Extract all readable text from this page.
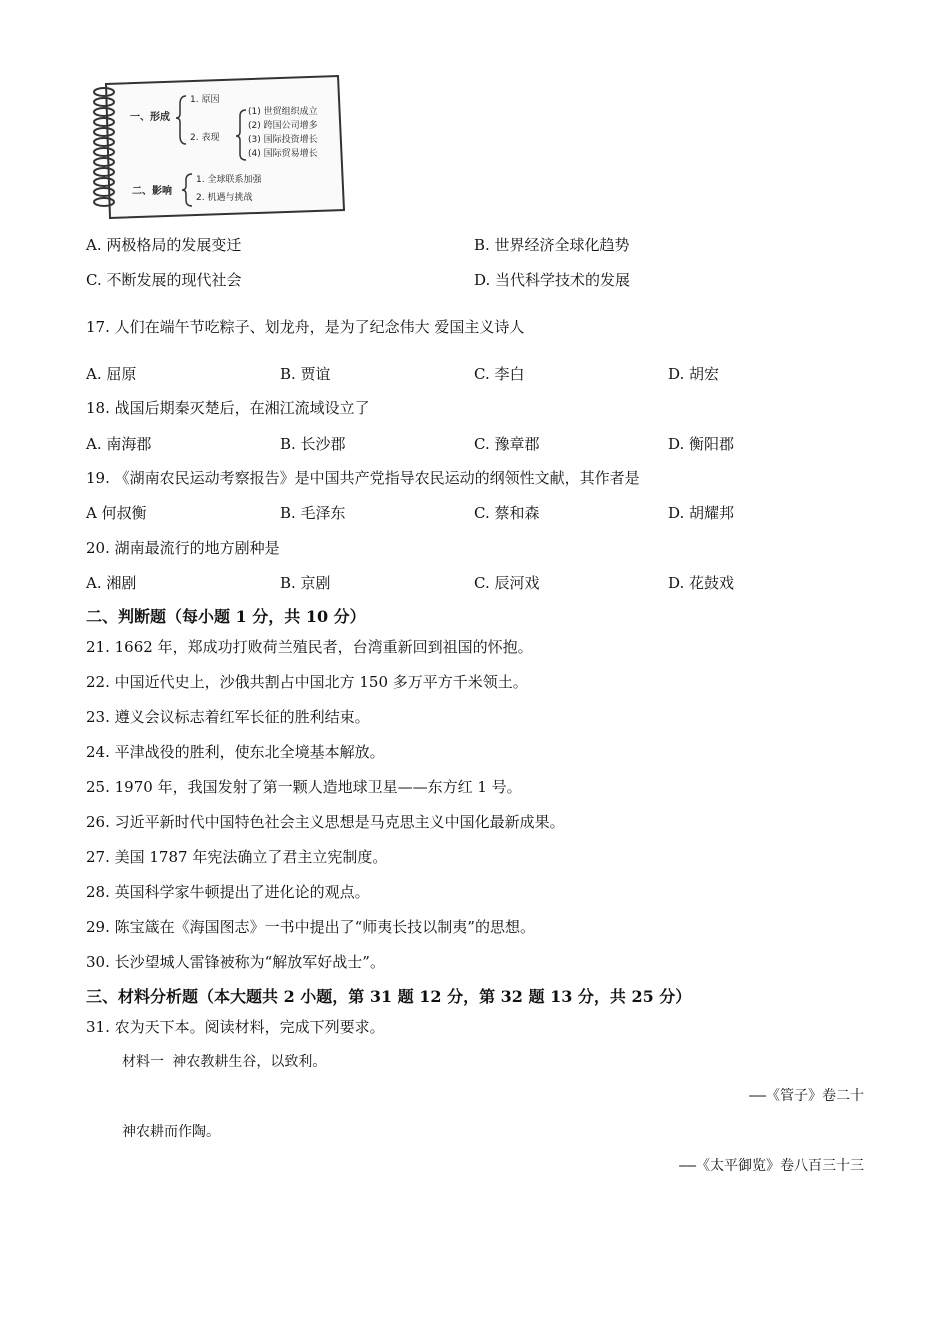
一、形成
1. 原因
2. 表现
(1) 世贸组织成立
(2) 跨国公司增多
(3) 国际投资增长
(4) 国际贸易增长
二、影响
1. 全球联系加强
2. 机遇与挑战
A. 两极格局的发展变迁	B. 世界经济全球化趋势
C. 不断发展的现代社会	D. 当代科学技术的发展
17. 人们在端午节吃粽子、划龙舟，是为了纪念伟大 爱国主义诗人
A. 屈原	B. 贾谊	C. 李白	D. 胡宏
18. 战国后期秦灭楚后，在湘江流域设立了
A. 南海郡	B. 长沙郡	C. 豫章郡	D. 衡阳郡
19. 《湖南农民运动考察报告》是中国共产党指导农民运动的纲领性文献，其作者是
A 何叔衡	B. 毛泽东	C. 蔡和森	D. 胡耀邦
20. 湖南最流行的地方剧种是
A. 湘剧	B. 京剧	C. 辰河戏	D. 花鼓戏
二、判断题（每小题 1 分，共 10 分）
21. 1662 年，郑成功打败荷兰殖民者，台湾重新回到祖国的怀抱。
22. 中国近代史上，沙俄共割占中国北方 150 多万平方千米领土。
23. 遵义会议标志着红军长征的胜利结束。
24. 平津战役的胜利，使东北全境基本解放。
25. 1970 年，我国发射了第一颗人造地球卫星——东方红 1 号。
26. 习近平新时代中国特色社会主义思想是马克思主义中国化最新成果。
27. 美国 1787 年宪法确立了君主立宪制度。
28. 英国科学家牛顿提出了进化论的观点。
29. 陈宝箴在《海国图志》一书中提出了“师夷长技以制夷”的思想。
30. 长沙望城人雷锋被称为“解放军好战士”。
三、材料分析题（本大题共 2 小题，第 31 题 12 分，第 32 题 13 分，共 25 分）
31. 农为天下本。阅读材料，完成下列要求。
材料一 神农教耕生谷，以致利。
——《管子》卷二十
神农耕而作陶。
——《太平御览》卷八百三十三
